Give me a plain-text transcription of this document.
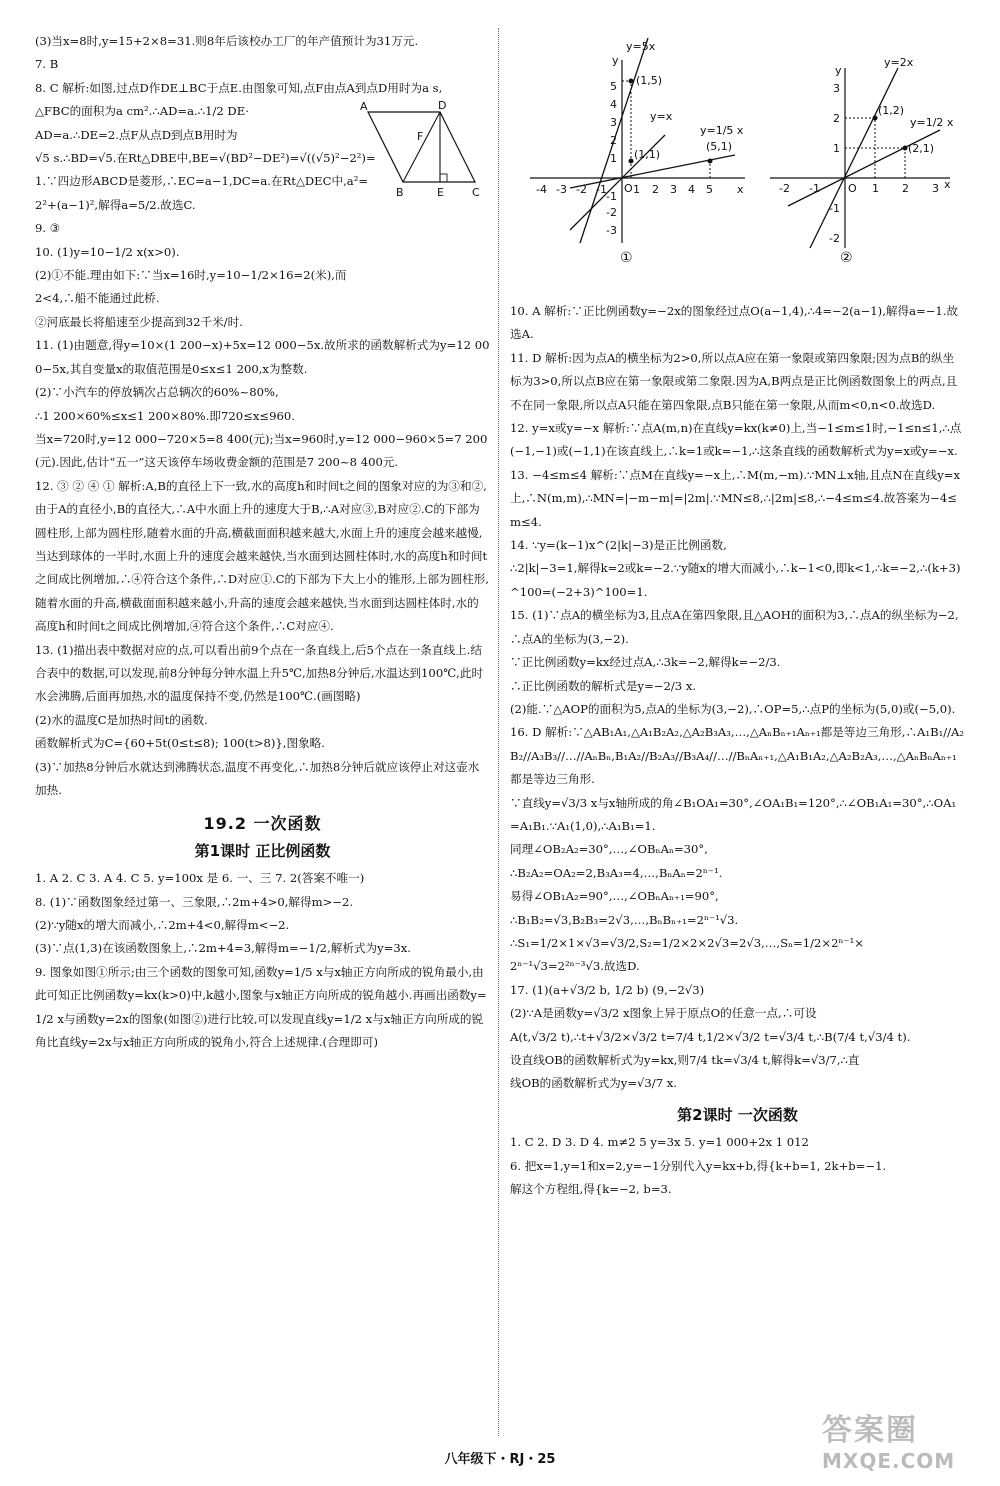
(3)当x=8时,y=15+2×8=31.则8年后该校办工厂的年产值预计为31万元.

7. B

8. C 解析:如图,过点D作DE⊥BC于点E.由图象可知,点F由点A到点D用时为a s,

△FBC的面积为a cm².∴AD=a.∴1/2 DE·

AD=a.∴DE=2.点F从点D到点B用时为

√5 s.∴BD=√5.在Rt△DBE中,BE=√(BD²−DE²)=√((√5)²−2²)=

1.∵四边形ABCD是菱形,∴EC=a−1,DC=a.在Rt△DEC中,a²=

2²+(a−1)²,解得a=5/2.故选C.

9. ③

10. (1)y=10−1/2 x(x>0).

(2)①不能.理由如下:∵当x=16时,y=10−1/2×16=2(米),而

2<4,∴船不能通过此桥.

②河底最长将船速至少提高到32千米/时.

11. (1)由题意,得y=10×(1 200−x)+5x=12 000−5x.故所求的函数解析式为y=12 000−5x,其自变量x的取值范围是0≤x≤1 200,x为整数.

(2)∵小汽车的停放辆次占总辆次的60%~80%,

∴1 200×60%≤x≤1 200×80%.即720≤x≤960.

当x=720时,y=12 000−720×5=8 400(元);当x=960时,y=12 000−960×5=7 200(元).因此,估计“五一”这天该停车场收费金额的范围是7 200~8 400元.

12. ③ ② ④ ① 解析:A,B的直径上下一致,水的高度h和时间t之间的图象对应的为③和②,由于A的直径小,B的直径大,∴A中水面上升的速度大于B,∴A对应③,B对应②.C的下部为圆柱形,上部为圆柱形,随着水面的升高,横截面面积越来越大,水面上升的速度会越来越慢,当达到球体的一半时,水面上升的速度会越来越快,当水面到达圆柱体时,水的高度h和时间t之间成比例增加,∴④符合这个条件,∴D对应①.C的下部为下大上小的锥形,上部为圆柱形,随着水面的升高,横截面面积越来越小,升高的速度会越来越快,当水面到达圆柱体时,水的高度h和时间t之间成比例增加,④符合这个条件,∴C对应④.

13. (1)描出表中数据对应的点,可以看出前9个点在一条直线上,后5个点在一条直线上.结合表中的数据,可以发现,前8分钟每分钟水温上升5℃,加热8分钟后,水温达到100℃,此时水会沸腾,后面再加热,水的温度保持不变,仍然是100℃.(画图略)

(2)水的温度C是加热时间t的函数.

函数解析式为C={60+5t(0≤t≤8); 100(t>8)},图象略.

(3)∵加热8分钟后水就达到沸腾状态,温度不再变化,∴加热8分钟后就应该停止对这壶水加热.

19.2 一次函数
第1课时 正比例函数

1. A 2. C 3. A 4. C 5. y=100x 是 6. 一、三 7. 2(答案不唯一)

8. (1)∵函数图象经过第一、三象限,∴2m+4>0,解得m>−2.

(2)∵y随x的增大而减小,∴2m+4<0,解得m<−2.

(3)∵点(1,3)在该函数图象上,∴2m+4=3,解得m=−1/2,解析式为y=3x.

9. 图象如图①所示;由三个函数的图象可知,函数y=1/5 x与x轴正方向所成的锐角最小,由此可知正比例函数y=kx(k>0)中,k越小,图象与x轴正方向所成的锐角越小.再画出函数y=1/2 x与函数y=2x的图象(如图②)进行比较,可以发现直线y=1/2 x与x轴正方向所成的锐角比直线y=2x与x轴正方向所成的锐角小,符合上述规律.(合理即可)

A	D
F
B	E	C
y=5x
y=x
y=1/5 x
(1,5)
(1,1)
(5,1)
y
x
O
-4 -3 -2 -1 1 2 3 4 5
5
4
3
2
1
-1
-2
-3
①
y=2x
y=1/2 x
(1,2)
(2,1)
y
x
O
-2 -1	1 2 3
3
2
1
-1
-2
②

10. A 解析:∵正比例函数y=−2x的图象经过点O(a−1,4),∴4=−2(a−1),解得a=−1.故选A.

11. D 解析:因为点A的横坐标为2>0,所以点A应在第一象限或第四象限;因为点B的纵坐标为3>0,所以点B应在第一象限或第二象限.因为A,B两点是正比例函数图象上的两点,且不在同一象限,所以点A只能在第四象限,点B只能在第一象限,从而m<0,n<0.故选D.

12. y=x或y=−x 解析:∵点A(m,n)在直线y=kx(k≠0)上,当−1≤m≤1时,−1≤n≤1,∴点(−1,−1)或(−1,1)在该直线上,∴k=1或k=−1,∴这条直线的函数解析式为y=x或y=−x.

13. −4≤m≤4 解析:∵点M在直线y=−x上,∴M(m,−m).∵MN⊥x轴,且点N在直线y=x上,∴N(m,m),∴MN=|−m−m|=|2m|.∵MN≤8,∴|2m|≤8,∴−4≤m≤4.故答案为−4≤m≤4.

14. ∵y=(k−1)x^(2|k|−3)是正比例函数,

∴2|k|−3=1,解得k=2或k=−2.∵y随x的增大而减小,∴k−1<0,即k<1,∴k=−2,∴(k+3)^100=(−2+3)^100=1.

15. (1)∵点A的横坐标为3,且点A在第四象限,且△AOH的面积为3,∴点A的纵坐标为−2,∴点A的坐标为(3,−2).

∵正比例函数y=kx经过点A,∴3k=−2,解得k=−2/3.

∴正比例函数的解析式是y=−2/3 x.

(2)能.∵△AOP的面积为5,点A的坐标为(3,−2),∴OP=5,∴点P的坐标为(5,0)或(−5,0).

16. D 解析:∵△AB₁A₁,△A₁B₂A₂,△A₂B₃A₃,…,△AₙBₙ₊₁Aₙ₊₁都是等边三角形,∴A₁B₁//A₂B₂//A₃B₃//…//AₙBₙ,B₁A₂//B₂A₃//B₃A₄//…//BₙAₙ₊₁,△A₁B₁A₂,△A₂B₂A₃,…,△AₙBₙAₙ₊₁都是等边三角形.

∵直线y=√3/3 x与x轴所成的角∠B₁OA₁=30°,∠OA₁B₁=120°,∴∠OB₁A₁=30°,∴OA₁=A₁B₁.∵A₁(1,0),∴A₁B₁=1.

同理∠OB₂A₂=30°,…,∠OBₙAₙ=30°,

∴B₂A₂=OA₂=2,B₃A₃=4,…,BₙAₙ=2ⁿ⁻¹.

易得∠OB₁A₂=90°,…,∠OBₙAₙ₊₁=90°,

∴B₁B₂=√3,B₂B₃=2√3,…,BₙBₙ₊₁=2ⁿ⁻¹√3.

∴S₁=1/2×1×√3=√3/2,S₂=1/2×2×2√3=2√3,…,Sₙ=1/2×2ⁿ⁻¹×

2ⁿ⁻¹√3=2²ⁿ⁻³√3.故选D.

17. (1)(a+√3/2 b, 1/2 b) (9,−2√3)

(2)∵A是函数y=√3/2 x图象上异于原点O的任意一点,∴可设

A(t,√3/2 t),∴t+√3/2×√3/2 t=7/4 t,1/2×√3/2 t=√3/4 t,∴B(7/4 t,√3/4 t).

设直线OB的函数解析式为y=kx,则7/4 tk=√3/4 t,解得k=√3/7,∴直

线OB的函数解析式为y=√3/7 x.

第2课时 一次函数

1. C 2. D 3. D 4. m≠2 5 y=3x 5. y=1 000+2x 1 012

6. 把x=1,y=1和x=2,y=−1分别代入y=kx+b,得{k+b=1, 2k+b=−1.

解这个方程组,得{k=−2, b=3.

八年级下・RJ・25
答案圈
MXQE.COM
